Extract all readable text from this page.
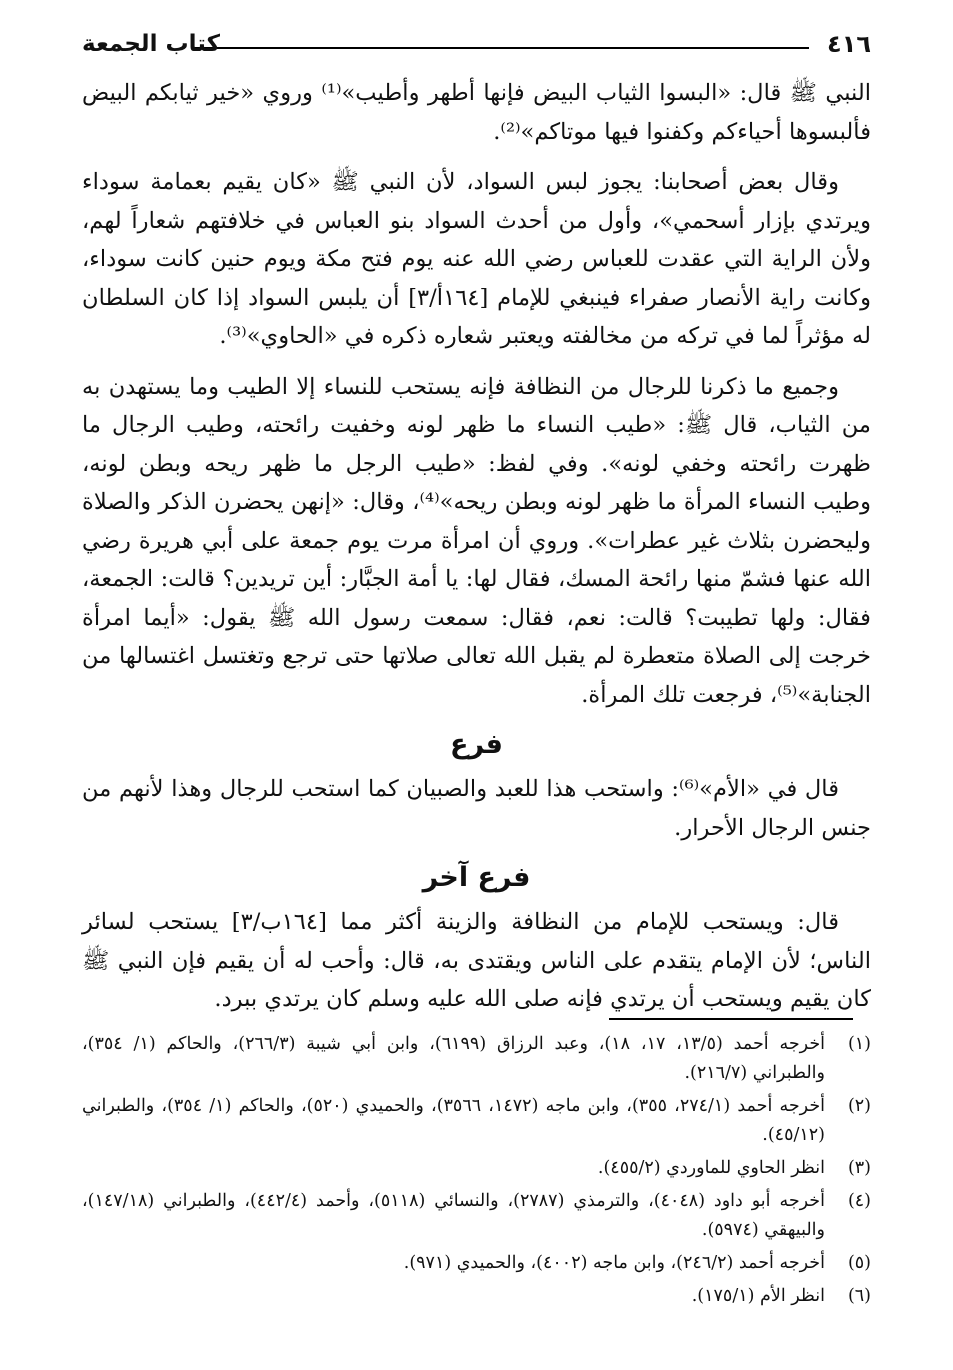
٤١٦
كتاب الجمعة

النبي ﷺ قال: «البسوا الثياب البيض فإنها أطهر وأطيب»⁽¹⁾ وروي «خير ثيابكم البيض فألبسوها أحياءكم وكفنوا فيها موتاكم»⁽²⁾.

وقال بعض أصحابنا: يجوز لبس السواد، لأن النبي ﷺ «كان يقيم بعمامة سوداء ويرتدي بإزار أسحمي»، وأول من أحدث السواد بنو العباس في خلافتهم شعاراً لهم، ولأن الراية التي عقدت للعباس رضي الله عنه يوم فتح مكة ويوم حنين كانت سوداء، وكانت راية الأنصار صفراء فينبغي للإمام [١٦٤أ/٣] أن يلبس السواد إذا كان السلطان له مؤثراً لما في تركه من مخالفته ويعتبر شعاره ذكره في «الحاوي»⁽³⁾.

وجميع ما ذكرنا للرجال من النظافة فإنه يستحب للنساء إلا الطيب وما يستهدن به من الثياب، قال ﷺ: «طيب النساء ما ظهر لونه وخفيت رائحته، وطيب الرجال ما ظهرت رائحته وخفي لونه». وفي لفظ: «طيب الرجل ما ظهر ريحه وبطن لونه، وطيب النساء المرأة ما ظهر لونه وبطن ريحه»⁽⁴⁾، وقال: «إنهن يحضرن الذكر والصلاة وليحضرن بثلاث غير عطرات». وروي أن امرأة مرت يوم جمعة على أبي هريرة رضي الله عنها فشمّ منها رائحة المسك، فقال لها: يا أمة الجبَّار: أين تريدين؟ قالت: الجمعة، فقال: ولها تطيبت؟ قالت: نعم، فقال: سمعت رسول الله ﷺ يقول: «أيما امرأة خرجت إلى الصلاة متعطرة لم يقبل الله تعالى صلاتها حتى ترجع وتغتسل اغتسالها من الجنابة»⁽⁵⁾، فرجعت تلك المرأة.

فرع

قال في «الأم»⁽⁶⁾: واستحب هذا للعبد والصبيان كما استحب للرجال وهذا لأنهم من جنس الرجال الأحرار.

فرع آخر

قال: ويستحب للإمام من النظافة والزينة أكثر مما [١٦٤ب/٣] يستحب لسائر الناس؛ لأن الإمام يتقدم على الناس ويقتدى به، قال: وأحب له أن يقيم فإن النبي ﷺ كان يقيم ويستحب أن يرتدي فإنه صلى الله عليه وسلم كان يرتدي ببرد.

(١)
أخرجه أحمد (١٣/٥، ١٧، ١٨)، وعبد الرزاق (٦١٩٩)، وابن أبي شيبة (٢٦٦/٣)، والحاكم (١/ ٣٥٤)، والطبراني (٢١٦/٧).
(٢)
أخرجه أحمد (٢٧٤/١، ٣٥٥)، وابن ماجه (١٤٧٢، ٣٥٦٦)، والحميدي (٥٢٠)، والحاكم (١/ ٣٥٤)، والطبراني (٤٥/١٢).
(٣)
انظر الحاوي للماوردي (٤٥٥/٢).
(٤)
أخرجه أبو داود (٤٠٤٨)، والترمذي (٢٧٨٧)، والنسائي (٥١١٨)، وأحمد (٤٤٢/٤)، والطبراني (١٤٧/١٨)، والبيهقي (٥٩٧٤).
(٥)
أخرجه أحمد (٢٤٦/٢)، وابن ماجه (٤٠٠٢)، والحميدي (٩٧١).
(٦)
انظر الأم (١٧٥/١).
